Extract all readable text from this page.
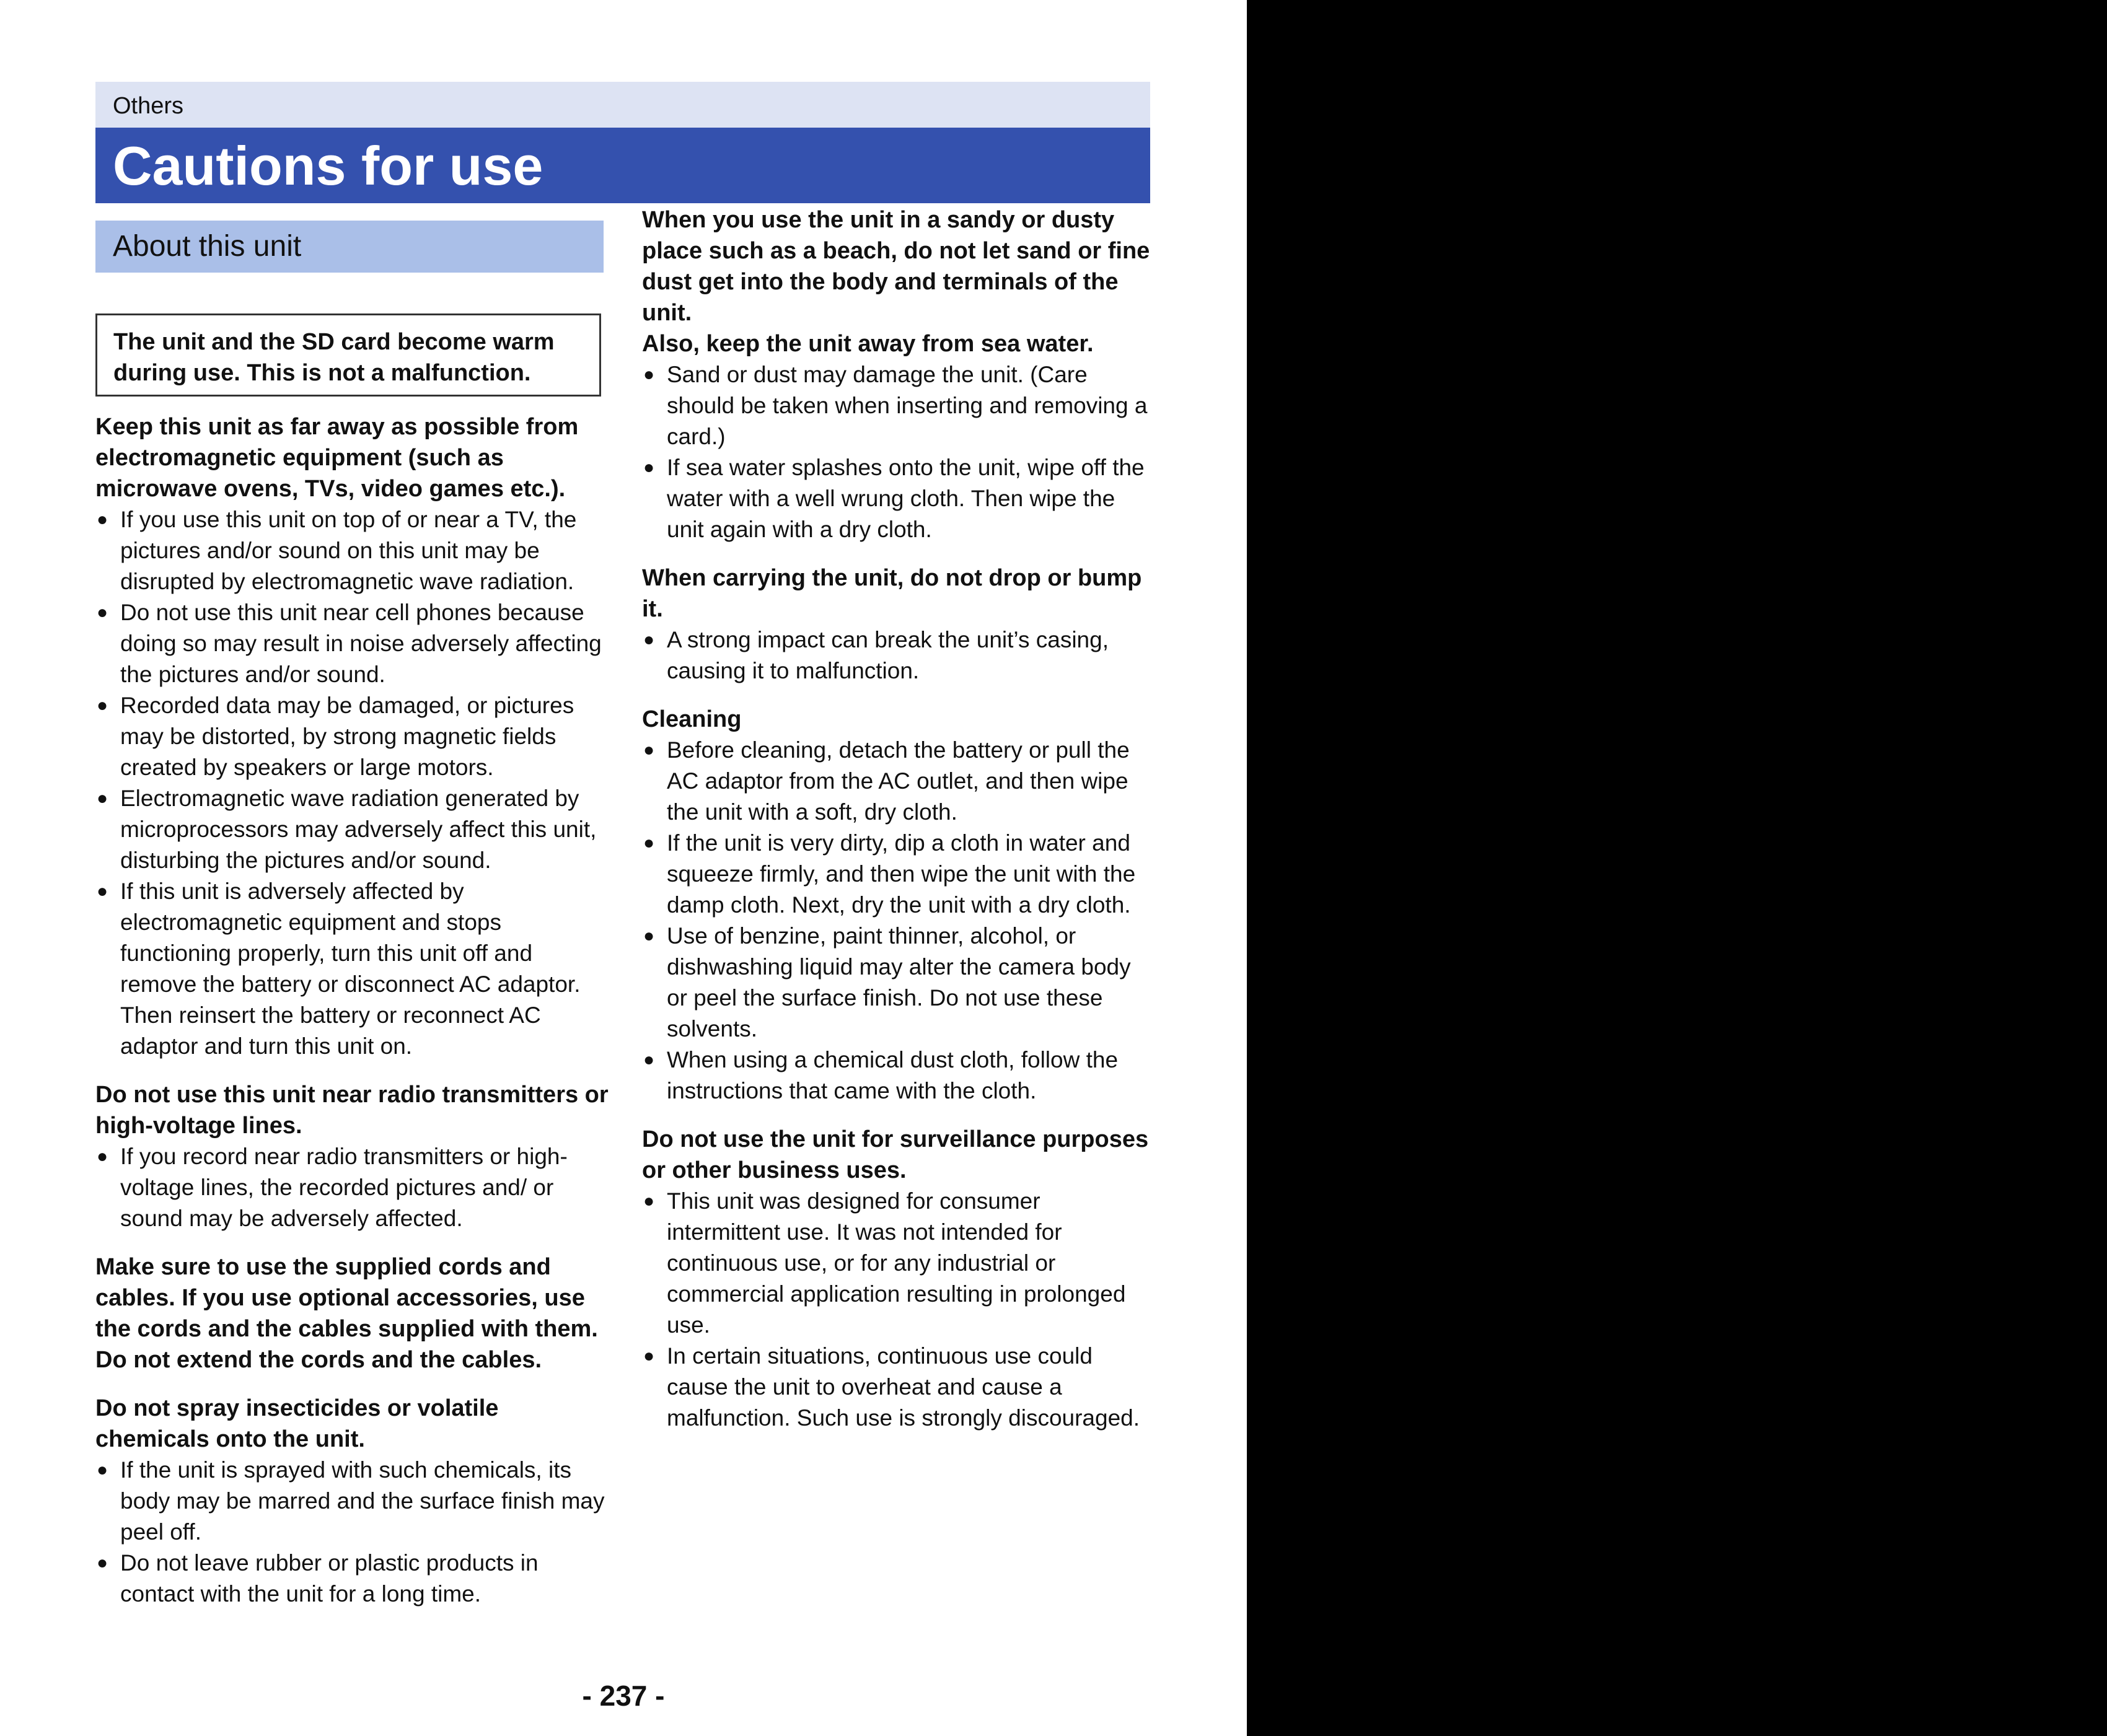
Others
Cautions for use
About this unit
The unit and the SD card become warm during use. This is not a malfunction.
Keep this unit as far away as possible from electromagnetic equipment (such as microwave ovens, TVs, video games etc.).
● If you use this unit on top of or near a TV, the pictures and/or sound on this unit may be disrupted by electromagnetic wave radiation.
● Do not use this unit near cell phones because doing so may result in noise adversely affecting the pictures and/or sound.
● Recorded data may be damaged, or pictures may be distorted, by strong magnetic fields created by speakers or large motors.
● Electromagnetic wave radiation generated by microprocessors may adversely affect this unit, disturbing the pictures and/or sound.
● If this unit is adversely affected by electromagnetic equipment and stops functioning properly, turn this unit off and remove the battery or disconnect AC adaptor. Then reinsert the battery or reconnect AC adaptor and turn this unit on.
Do not use this unit near radio transmitters or high-voltage lines.
● If you record near radio transmitters or high-voltage lines, the recorded pictures and/ or sound may be adversely affected.
Make sure to use the supplied cords and cables. If you use optional accessories, use the cords and the cables supplied with them.
Do not extend the cords and the cables.
Do not spray insecticides or volatile chemicals onto the unit.
● If the unit is sprayed with such chemicals, its body may be marred and the surface finish may peel off.
● Do not leave rubber or plastic products in contact with the unit for a long time.
When you use the unit in a sandy or dusty place such as a beach, do not let sand or fine dust get into the body and terminals of the unit.
Also, keep the unit away from sea water.
● Sand or dust may damage the unit. (Care should be taken when inserting and removing a card.)
● If sea water splashes onto the unit, wipe off the water with a well wrung cloth. Then wipe the unit again with a dry cloth.
When carrying the unit, do not drop or bump it.
● A strong impact can break the unit’s casing, causing it to malfunction.
Cleaning
● Before cleaning, detach the battery or pull the AC adaptor from the AC outlet, and then wipe the unit with a soft, dry cloth.
● If the unit is very dirty, dip a cloth in water and squeeze firmly, and then wipe the unit with the damp cloth. Next, dry the unit with a dry cloth.
● Use of benzine, paint thinner, alcohol, or dishwashing liquid may alter the camera body or peel the surface finish. Do not use these solvents.
● When using a chemical dust cloth, follow the instructions that came with the cloth.
Do not use the unit for surveillance purposes or other business uses.
● This unit was designed for consumer intermittent use. It was not intended for continuous use, or for any industrial or commercial application resulting in prolonged use.
● In certain situations, continuous use could cause the unit to overheat and cause a malfunction. Such use is strongly discouraged.
- 237 -
